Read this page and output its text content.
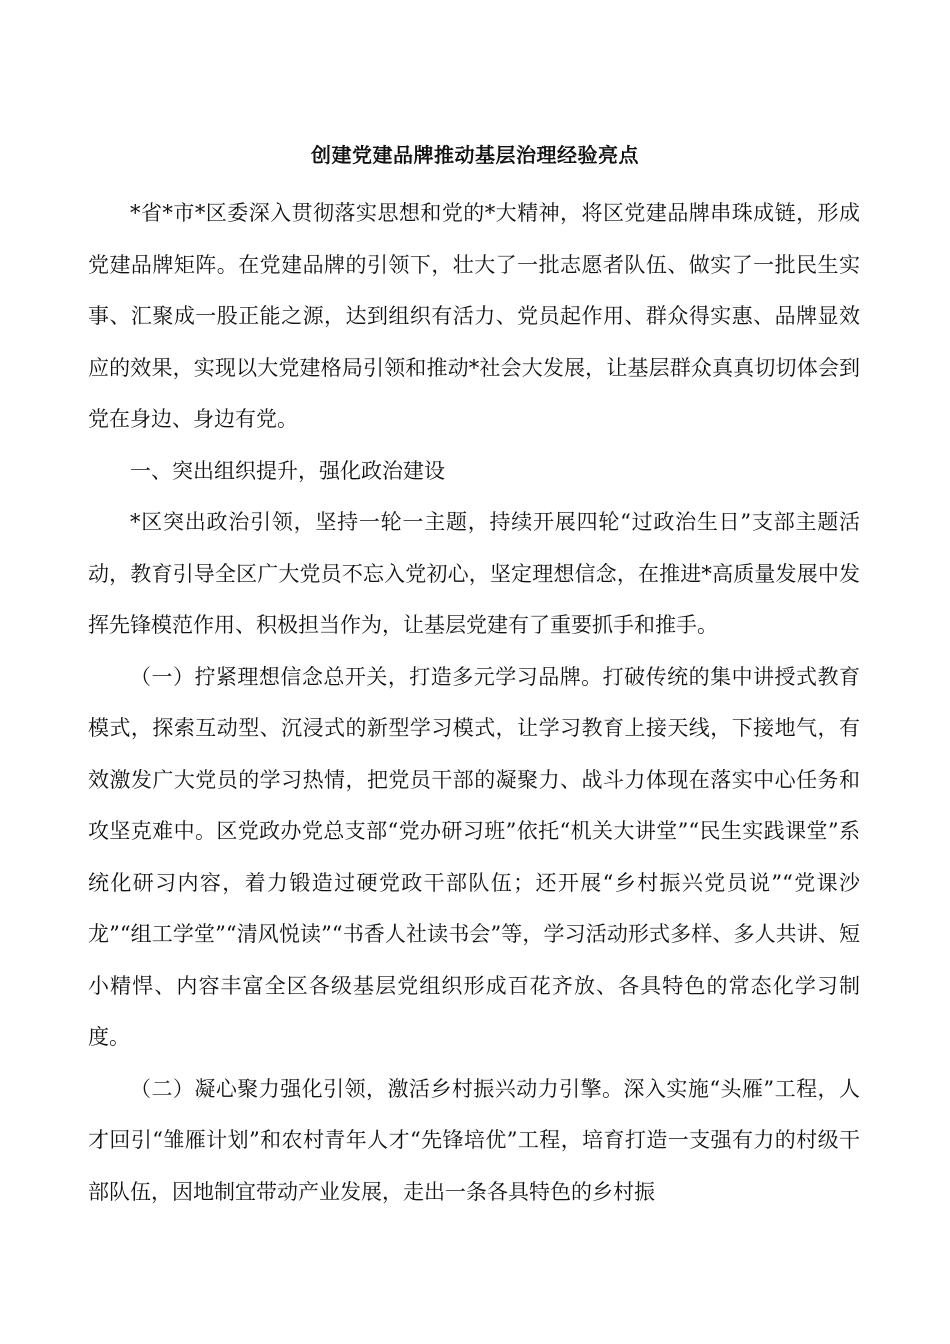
创建党建品牌推动基层治理经验亮点

*省*市*区委深入贯彻落实思想和党的*大精神，将区党建品牌串珠成链，形成党建品牌矩阵。在党建品牌的引领下，壮大了一批志愿者队伍、做实了一批民生实事、汇聚成一股正能之源，达到组织有活力、党员起作用、群众得实惠、品牌显效应的效果，实现以大党建格局引领和推动*社会大发展，让基层群众真真切切体会到党在身边、身边有党。

一、突出组织提升，强化政治建设

*区突出政治引领，坚持一轮一主题，持续开展四轮“过政治生日”支部主题活动，教育引导全区广大党员不忘入党初心，坚定理想信念，在推进*高质量发展中发挥先锋模范作用、积极担当作为，让基层党建有了重要抓手和推手。

（一）拧紧理想信念总开关，打造多元学习品牌。打破传统的集中讲授式教育模式，探索互动型、沉浸式的新型学习模式，让学习教育上接天线，下接地气，有效激发广大党员的学习热情，把党员干部的凝聚力、战斗力体现在落实中心任务和攻坚克难中。区党政办党总支部“党办研习班”依托“机关大讲堂”“民生实践课堂”系统化研习内容，着力锻造过硬党政干部队伍；还开展“乡村振兴党员说”“党课沙龙”“组工学堂”“清风悦读”“书香人社读书会”等，学习活动形式多样、多人共讲、短小精悍、内容丰富全区各级基层党组织形成百花齐放、各具特色的常态化学习制度。

（二）凝心聚力强化引领，激活乡村振兴动力引擎。深入实施“头雁”工程，人才回引“雏雁计划”和农村青年人才“先锋培优”工程，培育打造一支强有力的村级干部队伍，因地制宜带动产业发展，走出一条各具特色的乡村振
